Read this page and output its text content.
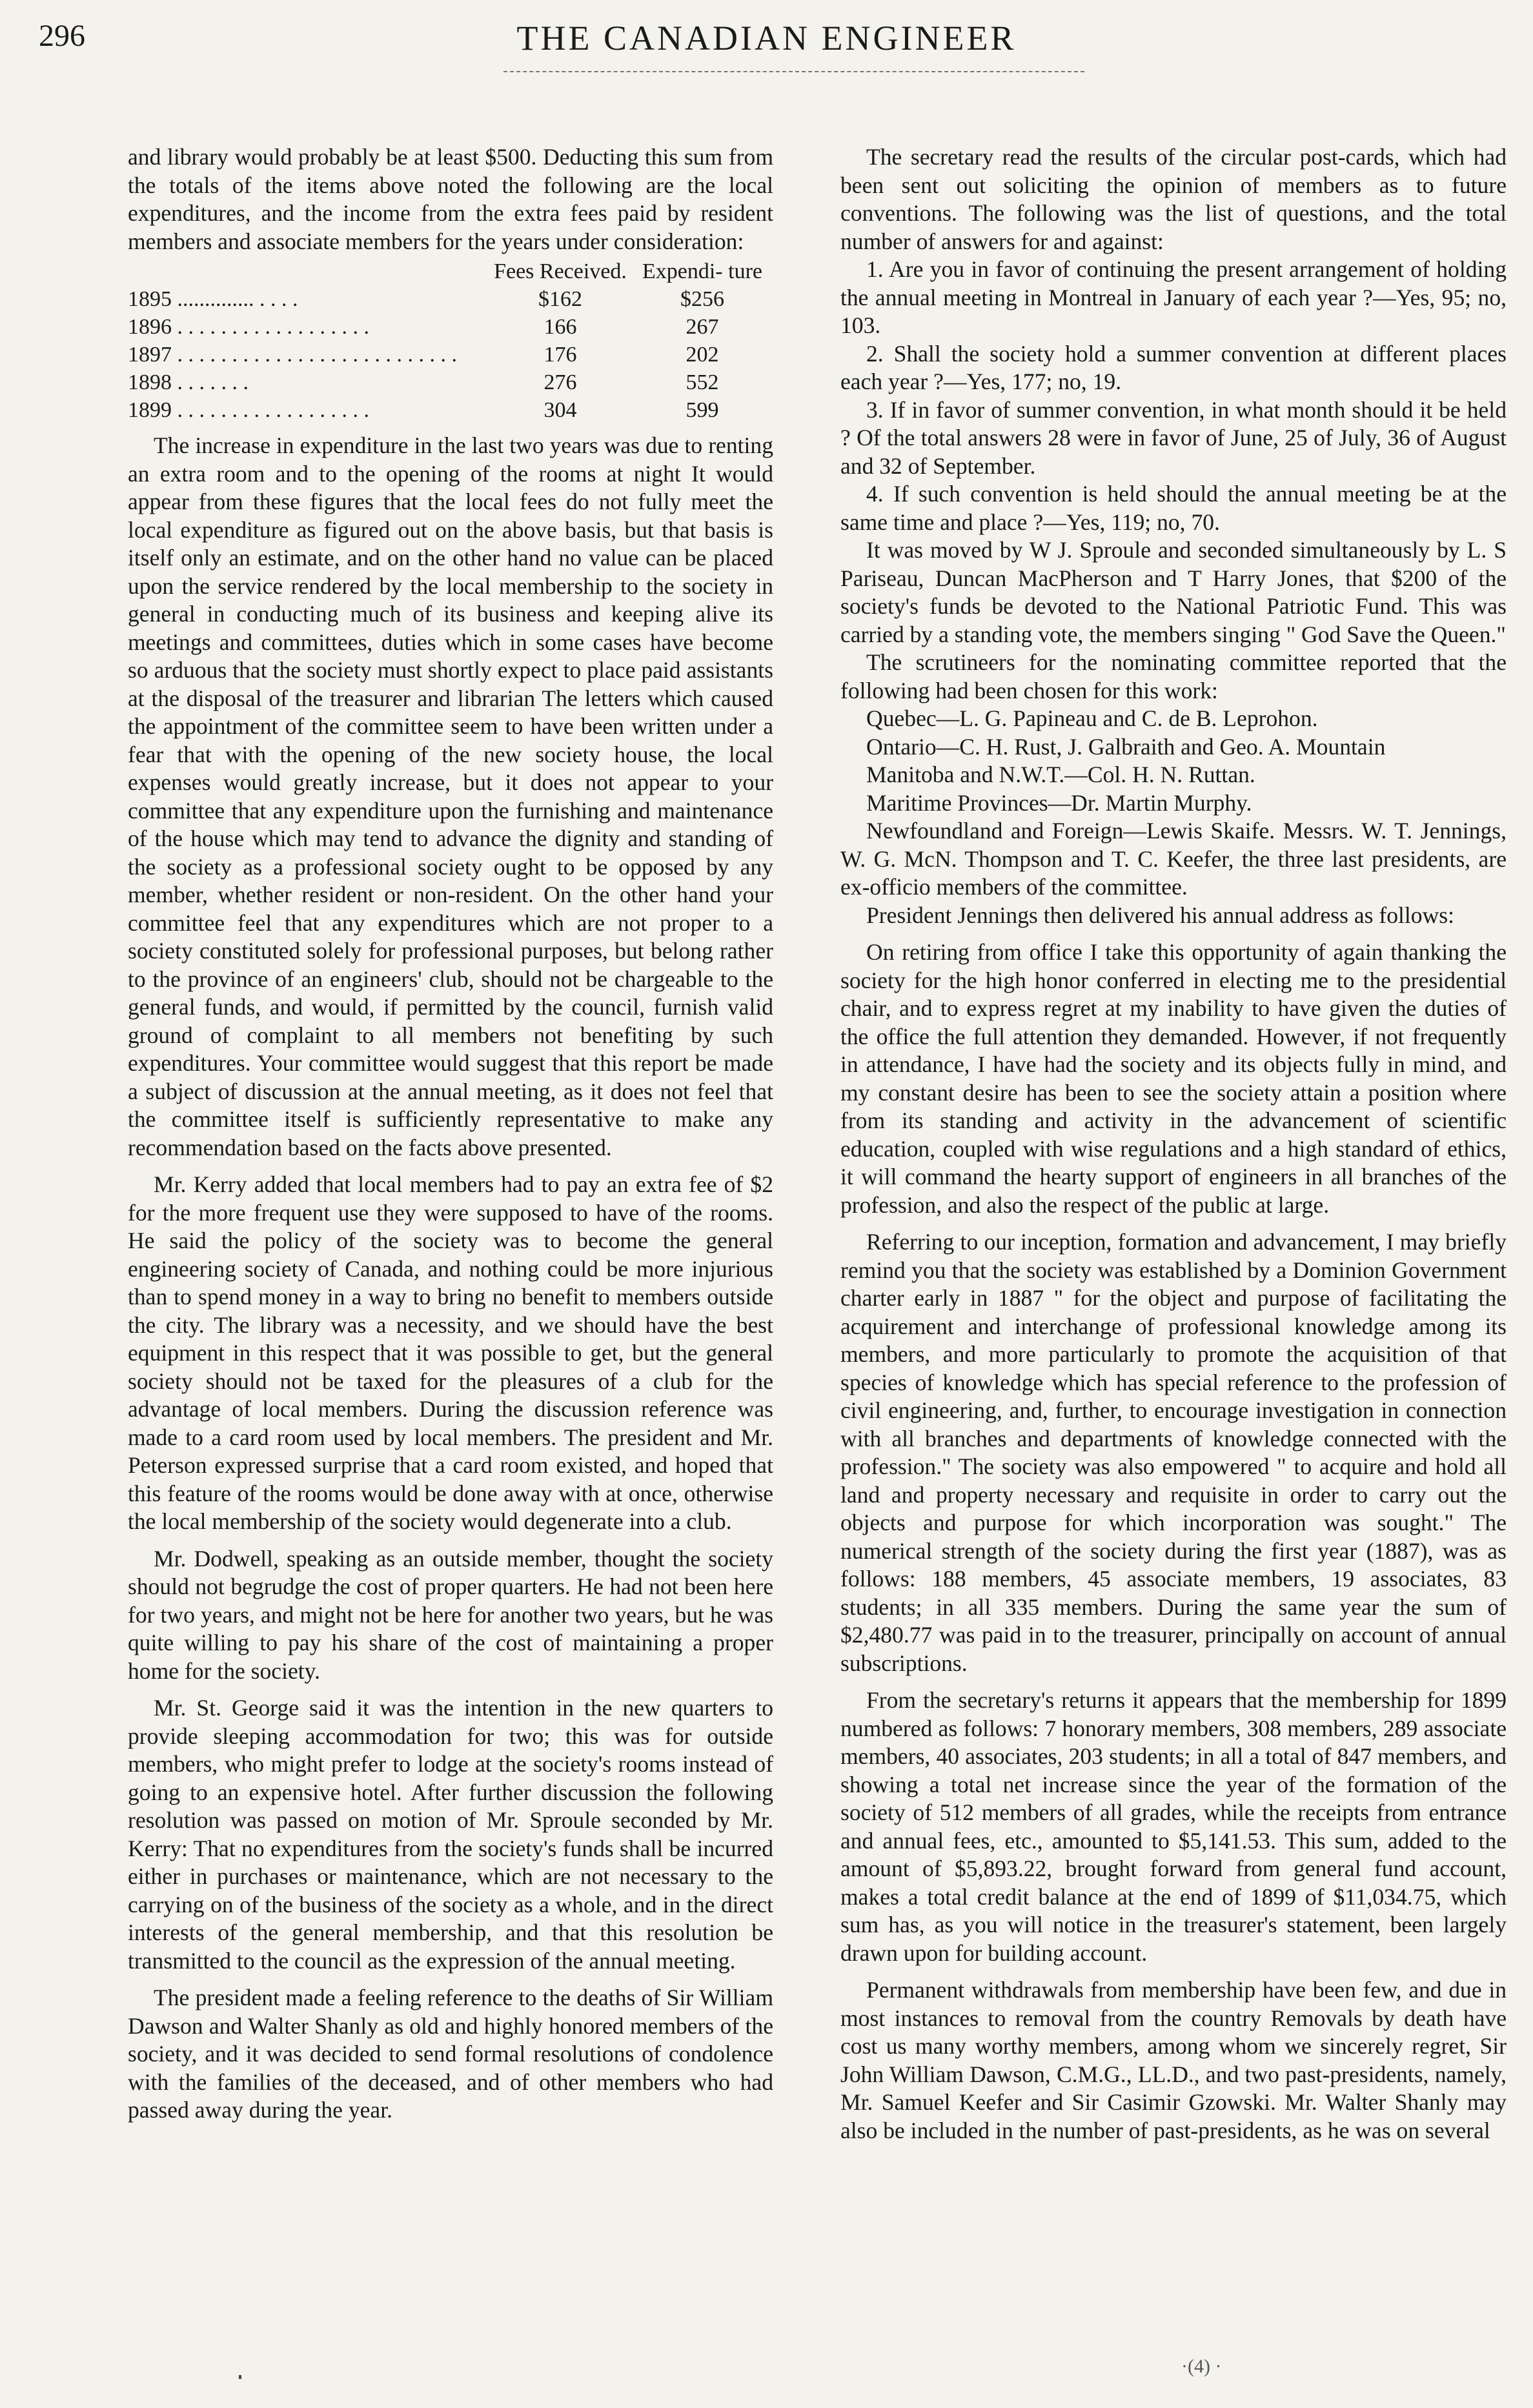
296	THE CANADIAN ENGINEER

and library would probably be at least $500. Deducting this sum from the totals of the items above noted the following are the local expenditures, and the income from the extra fees paid by resident members and associate members for the years under consideration:

	Fees Received.	Expendi- ture
1895 .............. . . . .	$162	$256
1896 . . . . . . . . . . . . . . . . . .	166	267
1897 . . . . . . . . . . . . . . . . . . . . . . . . . .	176	202
1898 . . . . . . .	276	552
1899 . . . . . . . . . . . . . . . . . .	304	599

The increase in expenditure in the last two years was due to renting an extra room and to the opening of the rooms at night It would appear from these figures that the local fees do not fully meet the local expenditure as figured out on the above basis, but that basis is itself only an estimate, and on the other hand no value can be placed upon the service rendered by the local membership to the society in general in conducting much of its business and keeping alive its meetings and committees, duties which in some cases have become so arduous that the society must shortly expect to place paid assistants at the disposal of the treasurer and librarian The letters which caused the appointment of the committee seem to have been written under a fear that with the opening of the new society house, the local expenses would greatly increase, but it does not appear to your committee that any expenditure upon the furnishing and maintenance of the house which may tend to advance the dignity and standing of the society as a professional society ought to be opposed by any member, whether resident or non-resident. On the other hand your committee feel that any expenditures which are not proper to a society constituted solely for professional purposes, but belong rather to the province of an engineers' club, should not be chargeable to the general funds, and would, if permitted by the council, furnish valid ground of complaint to all members not benefiting by such expenditures. Your committee would suggest that this report be made a subject of discussion at the annual meeting, as it does not feel that the committee itself is sufficiently representative to make any recommendation based on the facts above presented.

Mr. Kerry added that local members had to pay an extra fee of $2 for the more frequent use they were supposed to have of the rooms. He said the policy of the society was to become the general engineering society of Canada, and nothing could be more injurious than to spend money in a way to bring no benefit to members outside the city. The library was a necessity, and we should have the best equipment in this respect that it was possible to get, but the general society should not be taxed for the pleasures of a club for the advantage of local members. During the discussion reference was made to a card room used by local members. The president and Mr. Peterson expressed surprise that a card room existed, and hoped that this feature of the rooms would be done away with at once, otherwise the local membership of the society would degenerate into a club.

Mr. Dodwell, speaking as an outside member, thought the society should not begrudge the cost of proper quarters. He had not been here for two years, and might not be here for another two years, but he was quite willing to pay his share of the cost of maintaining a proper home for the society.

Mr. St. George said it was the intention in the new quarters to provide sleeping accommodation for two; this was for outside members, who might prefer to lodge at the society's rooms instead of going to an expensive hotel. After further discussion the following resolution was passed on motion of Mr. Sproule seconded by Mr. Kerry: That no expenditures from the society's funds shall be incurred either in purchases or maintenance, which are not necessary to the carrying on of the business of the society as a whole, and in the direct interests of the general membership, and that this resolution be transmitted to the council as the expression of the annual meeting.

The president made a feeling reference to the deaths of Sir William Dawson and Walter Shanly as old and highly honored members of the society, and it was decided to send formal resolutions of condolence with the families of the deceased, and of other members who had passed away during the year.

The secretary read the results of the circular post-cards, which had been sent out soliciting the opinion of members as to future conventions. The following was the list of questions, and the total number of answers for and against:

1. Are you in favor of continuing the present arrangement of holding the annual meeting in Montreal in January of each year ?—Yes, 95; no, 103.

2. Shall the society hold a summer convention at different places each year ?—Yes, 177; no, 19.

3. If in favor of summer convention, in what month should it be held ? Of the total answers 28 were in favor of June, 25 of July, 36 of August and 32 of September.

4. If such convention is held should the annual meeting be at the same time and place ?—Yes, 119; no, 70.

It was moved by W J. Sproule and seconded simultaneously by L. S Pariseau, Duncan MacPherson and T Harry Jones, that $200 of the society's funds be devoted to the National Patriotic Fund. This was carried by a standing vote, the members singing " God Save the Queen."

The scrutineers for the nominating committee reported that the following had been chosen for this work:

Quebec—L. G. Papineau and C. de B. Leprohon.

Ontario—C. H. Rust, J. Galbraith and Geo. A. Mountain

Manitoba and N.W.T.—Col. H. N. Ruttan.

Maritime Provinces—Dr. Martin Murphy.

Newfoundland and Foreign—Lewis Skaife. Messrs. W. T. Jennings, W. G. McN. Thompson and T. C. Keefer, the three last presidents, are ex-officio members of the committee.

President Jennings then delivered his annual address as follows:

On retiring from office I take this opportunity of again thanking the society for the high honor conferred in electing me to the presidential chair, and to express regret at my inability to have given the duties of the office the full attention they demanded. However, if not frequently in attendance, I have had the society and its objects fully in mind, and my constant desire has been to see the society attain a position where from its standing and activity in the advancement of scientific education, coupled with wise regulations and a high standard of ethics, it will command the hearty support of engineers in all branches of the profession, and also the respect of the public at large.

Referring to our inception, formation and advancement, I may briefly remind you that the society was established by a Dominion Government charter early in 1887 " for the object and purpose of facilitating the acquirement and interchange of professional knowledge among its members, and more particularly to promote the acquisition of that species of knowledge which has special reference to the profession of civil engineering, and, further, to encourage investigation in connection with all branches and departments of knowledge connected with the profession." The society was also empowered " to acquire and hold all land and property necessary and requisite in order to carry out the objects and purpose for which incorporation was sought." The numerical strength of the society during the first year (1887), was as follows: 188 members, 45 associate members, 19 associates, 83 students; in all 335 members. During the same year the sum of $2,480.77 was paid in to the treasurer, principally on account of annual subscriptions.

From the secretary's returns it appears that the membership for 1899 numbered as follows: 7 honorary members, 308 members, 289 associate members, 40 associates, 203 students; in all a total of 847 members, and showing a total net increase since the year of the formation of the society of 512 members of all grades, while the receipts from entrance and annual fees, etc., amounted to $5,141.53. This sum, added to the amount of $5,893.22, brought forward from general fund account, makes a total credit balance at the end of 1899 of $11,034.75, which sum has, as you will notice in the treasurer's statement, been largely drawn upon for building account.

Permanent withdrawals from membership have been few, and due in most instances to removal from the country Removals by death have cost us many worthy members, among whom we sincerely regret, Sir John William Dawson, C.M.G., LL.D., and two past-presidents, namely, Mr. Samuel Keefer and Sir Casimir Gzowski. Mr. Walter Shanly may also be included in the number of past-presidents, as he was on several

·(4) ·
